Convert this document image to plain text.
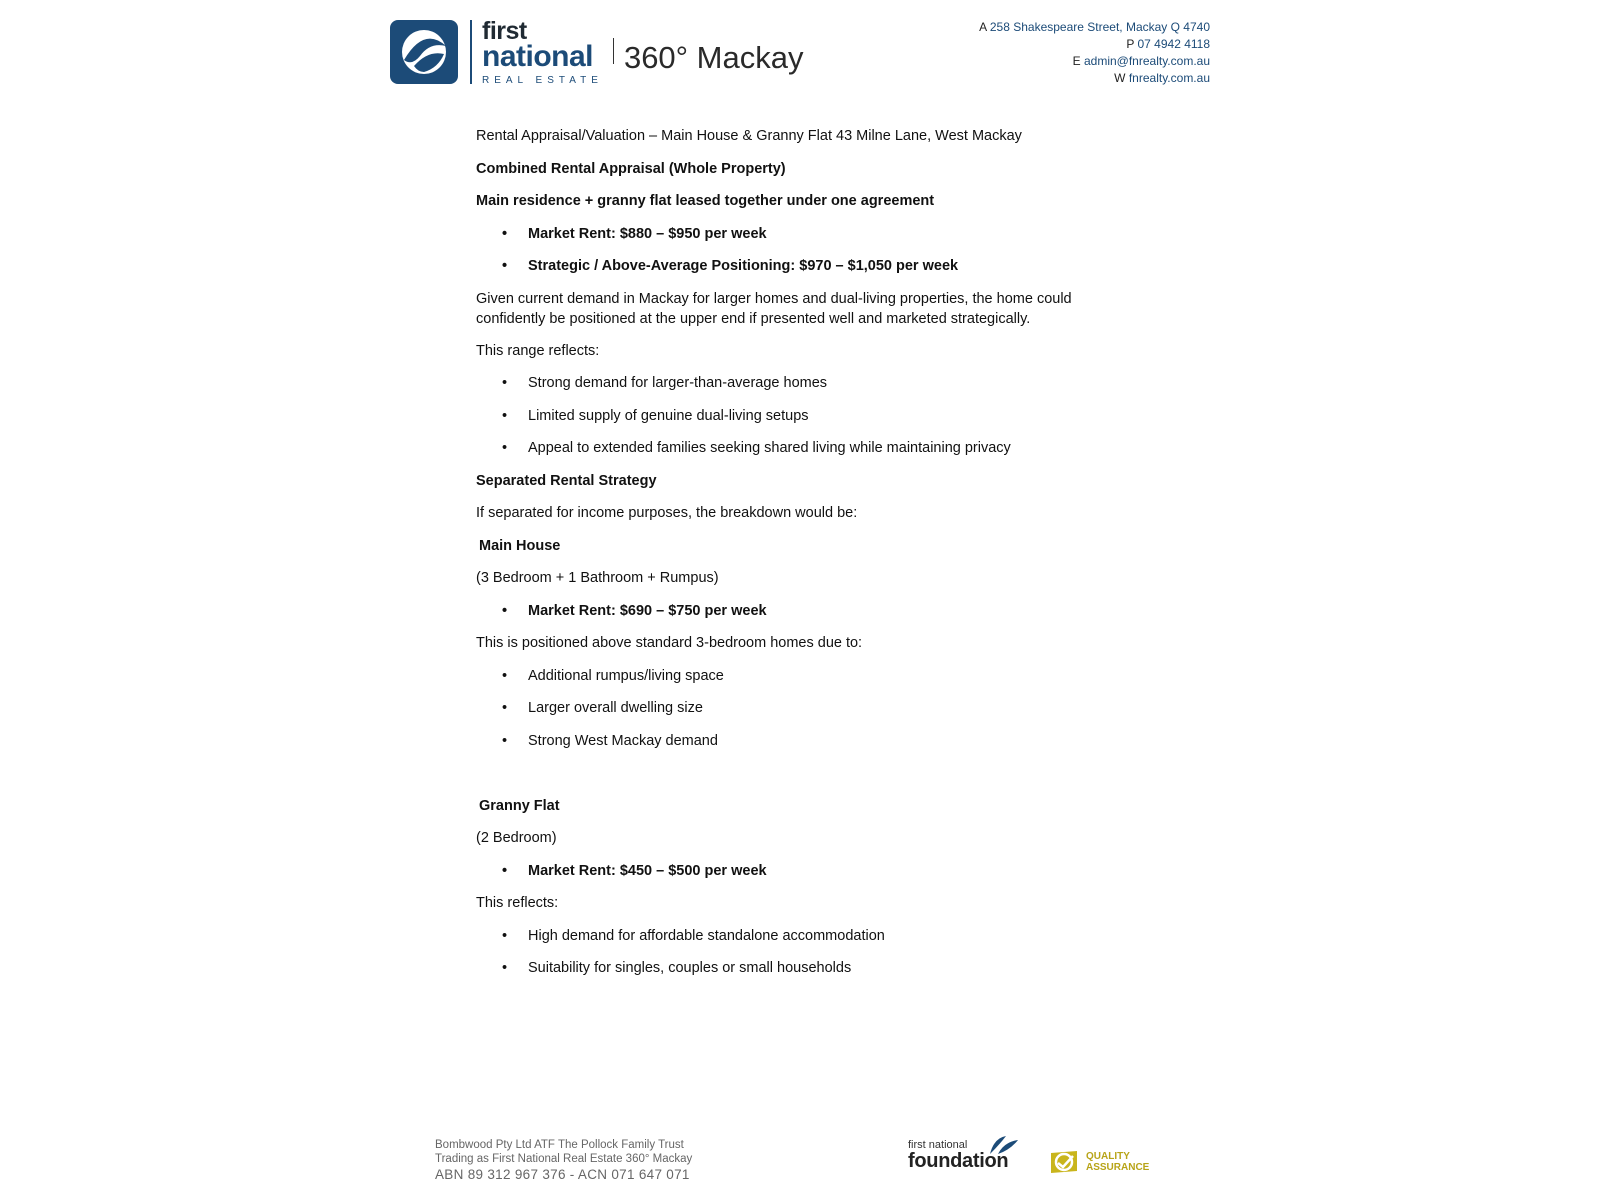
first
national
REAL ESTATE
360° Mackay
A 258 Shakespeare Street, Mackay Q 4740
P 07 4942 4118
E admin@fnrealty.com.au
W fnrealty.com.au

Rental Appraisal/Valuation – Main House & Granny Flat 43 Milne Lane, West Mackay

Combined Rental Appraisal (Whole Property)

Main residence + granny flat leased together under one agreement

• Market Rent: $880 – $950 per week
• Strategic / Above-Average Positioning: $970 – $1,050 per week

Given current demand in Mackay for larger homes and dual-living properties, the home could confidently be positioned at the upper end if presented well and marketed strategically.

This range reflects:

• Strong demand for larger-than-average homes
• Limited supply of genuine dual-living setups
• Appeal to extended families seeking shared living while maintaining privacy

Separated Rental Strategy

If separated for income purposes, the breakdown would be:

Main House

(3 Bedroom + 1 Bathroom + Rumpus)

• Market Rent: $690 – $750 per week

This is positioned above standard 3-bedroom homes due to:

• Additional rumpus/living space
• Larger overall dwelling size
• Strong West Mackay demand

Granny Flat

(2 Bedroom)

• Market Rent: $450 – $500 per week

This reflects:

• High demand for affordable standalone accommodation
• Suitability for singles, couples or small households
Bombwood Pty Ltd ATF The Pollock Family Trust
Trading as First National Real Estate 360° Mackay
ABN 89 312 967 376 - ACN 071 647 071
first national
foundation	QUALITY
ASSURANCE
